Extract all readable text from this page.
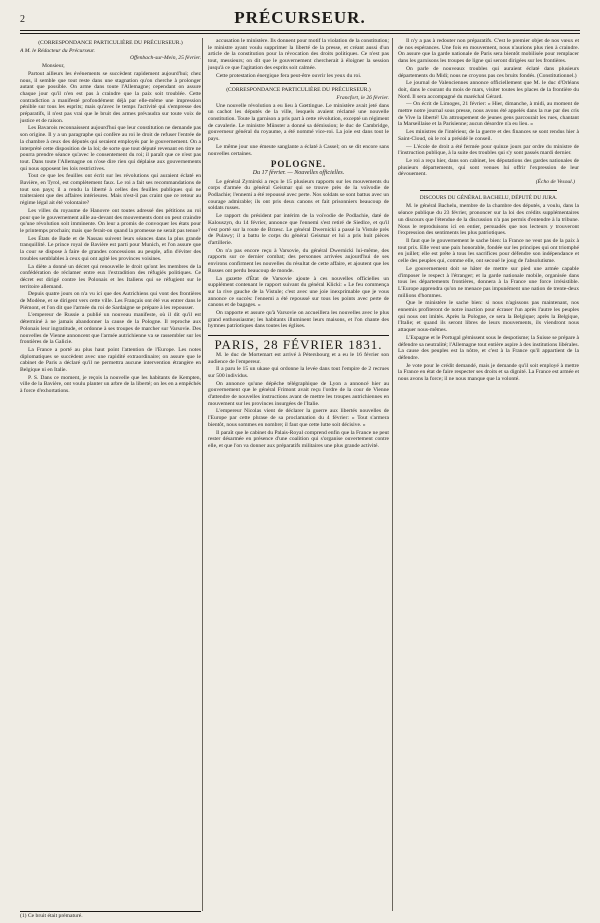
2	PRÉCURSEUR.
(CORRESPONDANCE PARTICULIÈRE DU PRÉCURSEUR.)

A M. le Rédacteur du Précurseur.

Offenbach-sur-Mein, 25 février.
Monsieur,

Partout ailleurs les événements se succèdent rapidement aujourd'hui; chez nous, il semble que tout reste dans une stagnation qu'on cherche à prolonger autant que possible. On arme dans toute l'Allemagne; cependant on assure chaque jour qu'il n'en est pas à craindre que la paix soit troublée. Cette contradiction a manifesté profondément déjà par elle-même une impression pénible sur tous les esprits; mais qu'avec le temps l'activité qui s'empresse des préparatifs, il n'est pas vrai que le bruit des armes prévaudra sur toute voix de justice et de raison.

Les Bavarois reconnaissent aujourd'hui que leur constitution ne demande pas son origine. Il y a un paragraphe qui confère au roi le droit de refuser l'entrée de la chambre à ceux des députés qui seraient employés par le gouvernement. On a interprété cette disposition de la loi; de sorte que tout député revenant en titre ne pourra prendre séance qu'avec le consentement du roi; il paraît que ce n'est pas tout. Dans toute l'Allemagne on n'ose dire rien qui déplaise aux gouvernements qui nous opposent les lois restrictives.

Tout ce que les feuilles ont écrit sur les révolutions qui auraient éclaté en Bavière, en Tyrol, est complètement faux. Le roi a fait ses recommandations de tout son pays; il a rendu la liberté à celles des feuilles publiques qui ne traiteraient que des affaires intérieures. Mais n'est-il pas craint que ce retour au régime légal ait été volontaire?

Les villes du royaume de Hanovre ont toutes adressé des pétitions au roi pour que le gouvernement aille au-devant des mouvements dont on peut craindre qu'une révolution soit imminente. On leur a promis de convoquer les états pour le printemps prochain; mais que ferait-on quand la promesse ne serait pas tenue?

Les États de Bade et de Nassau suivent leurs séances dans la plus grande tranquillité. Le prince royal de Bavière est parti pour Munich, et l'on assure que la cour se dispose à faire de grandes concessions au peuple, afin d'éviter des troubles semblables à ceux qui ont agité les provinces voisines.

La diète a donné un décret qui renouvelle le droit qu'ont les membres de la confédération de réclamer entre eux l'extradition des réfugiés politiques. Ce décret est dirigé contre les Polonais et les Italiens qui se réfugient sur le territoire allemand.

Depuis quatre jours on n'a vu ici que des Autrichiens qui vont des frontières de Modène, et se dirigent vers cette ville. Les Français ont été vus entrer dans le Piémont, et l'on dit que l'armée du roi de Sardaigne se prépare à les repousser.

L'empereur de Russie a publié un nouveau manifeste, où il dit qu'il est déterminé à ne jamais abandonner la cause de la Pologne. Il reproche aux Polonais leur ingratitude, et ordonne à ses troupes de marcher sur Varsovie. Des nouvelles de Vienne annoncent que l'armée autrichienne va se rassembler sur les frontières de la Galicie.

La France a porté au plus haut point l'attention de l'Europe. Les notes diplomatiques se succèdent avec une rapidité extraordinaire; on assure que le cabinet de Paris a déclaré qu'il ne permettra aucune intervention étrangère en Belgique ni en Italie.

P. S. Dans ce moment, je reçois la nouvelle que les habitants de Kempten, ville de la Bavière, ont voulu planter un arbre de la liberté; on les en a empêchés à force d'exhortations.

(1) Ce bruit était prématuré.

accusation le ministère. Ils donnent pour motif la violation de la constitution; le ministre ayant voulu supprimer la liberté de la presse, et créant aussi d'un article de la constitution pour la révocation des droits politiques. Ce n'est pas tout, messieurs; on dit que le gouvernement chercherait à éloigner la session jusqu'à ce que l'agitation des esprits soit calmée.

Cette protestation énergique fera peut-être ouvrir les yeux du roi.

(CORRESPONDANCE PARTICULIÈRE DU PRÉCURSEUR.)
Francfort, le 26 février.

Une nouvelle révolution a eu lieu à Gœttingue. Le ministère avait jeté dans un cachot les députés de la ville, lesquels avaient réclamé une nouvelle constitution. Toute la garnison a pris part à cette révolution, excepté un régiment de cavalerie. Le ministre Münster a donné sa démission; le duc de Cambridge, gouverneur général du royaume, a été nommé vice-roi. La joie est dans tout le pays.

Le même jour une émeute sanglante a éclaté à Cassel; on se dit encore sans nouvelles certaines.

POLOGNE.
Du 17 février. — Nouvelles officielles.

Le général Zymirski a reçu le 15 plusieurs rapports sur les mouvements du corps d'armée du général Geismar qui se trouve près de la voïvodie de Podlachie; l'ennemi a été repoussé avec perte. Nos soldats se sont battus avec un courage admirable; ils ont pris deux canons et fait prisonniers beaucoup de soldats russes.

Le rapport du président par intérim de la voïvodie de Podlachie, daté de Kalouszyn, du 14 février, annonce que l'ennemi s'est retiré de Siedlce, et qu'il s'est porté sur la route de Brzesc. Le général Dwernicki a passé la Vistule près de Pulawy; il a battu le corps du général Geismar et lui a pris huit pièces d'artillerie.

On n'a pas encore reçu à Varsovie, du général Dwernicki lui-même, des rapports sur ce dernier combat; des personnes arrivées aujourd'hui de ses environs confirment les nouvelles du résultat de cette affaire, et ajoutent que les Russes ont perdu beaucoup de monde.

La gazette d'État de Varsovie ajoute à ces nouvelles officielles un supplément contenant le rapport suivant du général Klicki: « Le feu commença sur la rive gauche de la Vistule; c'est avec une joie inexprimable que je vous annonce ce succès: l'ennemi a été repoussé sur tous les points avec perte de canons et de bagages. »

On rapporte et assure qu'à Varsovie on accueillera les nouvelles avec le plus grand enthousiasme; les habitants illuminent leurs maisons, et l'on chante des hymnes patriotiques dans toutes les églises.

PARIS, 28 FÉVRIER 1831.

M. le duc de Mortemart est arrivé à Pétersbourg et a eu le 16 février son audience de l'empereur.

Il a paru le 15 un ukase qui ordonne la levée dans tout l'empire de 2 recrues sur 500 individus.

On annonce qu'une dépêche télégraphique de Lyon a annoncé hier au gouvernement que le général Frimont avait reçu l'ordre de la cour de Vienne d'attendre de nouvelles instructions avant de mettre les troupes autrichiennes en mouvement sur les provinces insurgées de l'Italie.

L'empereur Nicolas vient de déclarer la guerre aux libertés nouvelles de l'Europe par cette phrase de sa proclamation du 4 février: « Tout s'armera bientôt, nous sommes en nombre; il faut que cette lutte soit décisive. »

Il paraît que le cabinet du Palais-Royal comprend enfin que la France ne peut rester désarmée en présence d'une coalition qui s'organise ouvertement contre elle, et que l'on va donner aux préparatifs militaires une plus grande activité.

Il n'y a pas à redouter non préparatifs. C'est le premier objet de nos vœux et de nos espérances. Une fois en mouvement, nous n'aurions plus rien à craindre. On assure que la garde nationale de Paris sera bientôt mobilisée pour remplacer dans les garnisons les troupes de ligne qui seront dirigées sur les frontières.

On parle de nouveaux troubles qui auraient éclaté dans plusieurs départements du Midi; nous ne croyons pas ces bruits fondés. (Constitutionnel.)

Le journal de Valenciennes annonce officiellement que M. le duc d'Orléans doit, dans le courant du mois de mars, visiter toutes les places de la frontière du Nord. Il sera accompagné du maréchal Gérard.

— On écrit de Limoges, 21 février: « Hier, dimanche, à midi, au moment de mettre notre journal sous presse, nous avons été appelés dans la rue par des cris de Vive la liberté! Un attroupement de jeunes gens parcourait les rues, chantant la Marseillaise et la Parisienne; aucun désordre n'a eu lieu. »

Les ministres de l'intérieur, de la guerre et des finances se sont rendus hier à Saint-Cloud, où le roi a présidé le conseil.

— L'école de droit a été fermée pour quinze jours par ordre du ministre de l'instruction publique, à la suite des troubles qui s'y sont passés mardi dernier.

Le roi a reçu hier, dans son cabinet, les députations des gardes nationales de plusieurs départements, qui sont venues lui offrir l'expression de leur dévouement.

(Écho de Vesoul.)
DISCOURS DU GÉNÉRAL BACHELU, DÉPUTÉ DU JURA.

M. le général Bachelu, membre de la chambre des députés, a voulu, dans la séance publique du 23 février, prononcer sur la loi des crédits supplémentaires un discours que l'étendue de la discussion n'a pas permis d'entendre à la tribune. Nous le reproduisons ici en entier, persuadés que nos lecteurs y trouveront l'expression des sentiments les plus patriotiques.

Il faut que le gouvernement le sache bien: la France ne veut pas de la paix à tout prix. Elle veut une paix honorable, fondée sur les principes qui ont triomphé en juillet; elle est prête à tous les sacrifices pour défendre son indépendance et celle des peuples qui, comme elle, ont secoué le joug de l'absolutisme.

Le gouvernement doit se hâter de mettre sur pied une armée capable d'imposer le respect à l'étranger; et la garde nationale mobile, organisée dans tous les départements frontières, donnera à la France une force irrésistible. L'Europe apprendra qu'on ne menace pas impunément une nation de trente-deux millions d'hommes.

Que le ministère le sache bien: si nous n'agissons pas maintenant, nos ennemis profiteront de notre inaction pour écraser l'un après l'autre les peuples qui nous ont imités. Après la Pologne, ce sera la Belgique; après la Belgique, l'Italie; et quand ils seront libres de leurs mouvements, ils viendront nous attaquer nous-mêmes.

L'Espagne et le Portugal gémissent sous le despotisme; la Suisse se prépare à défendre sa neutralité; l'Allemagne tout entière aspire à des institutions libérales. La cause des peuples est la nôtre, et c'est à la France qu'il appartient de la défendre.

Je vote pour le crédit demandé, mais je demande qu'il soit employé à mettre la France en état de faire respecter ses droits et sa dignité. La France est armée et nous avons la force; il ne nous manque que la volonté.
